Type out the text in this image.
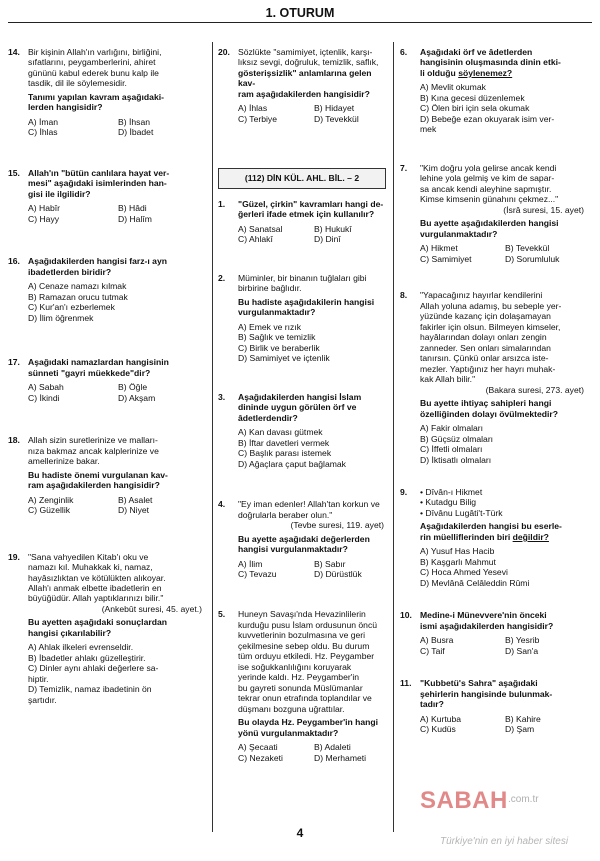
1. OTURUM
14. Bir kişinin Allah'ın varlığını, birliğini,
sıfatlarını, peygamberlerini, ahiret
gününü kabul ederek bunu kalp ile
tasdik, dil ile söylemesidir.
Tanımı yapılan kavram aşağıdaki-
lerden hangisidir?
A) İman	B) İhsan
C) İhlas	D) İbadet
15. Allah'ın "bütün canlılara hayat ver-
mesi" aşağıdaki isimlerinden han-
gisi ile ilgilidir?
A) Habîr	B) Hâdi
C) Hayy	D) Halîm
16. Aşağıdakilerden hangisi farz-ı ayn
ibadetlerden biridir?
A) Cenaze namazı kılmak
B) Ramazan orucu tutmak
C) Kur'an'ı ezberlemek
D) İlim öğrenmek
17. Aşağıdaki namazlardan hangisinin
sünneti "gayri müekkede"dir?
A) Sabah	B) Öğle
C) İkindi	D) Akşam
18. Allah sizin suretlerinize ve malları-
nıza bakmaz ancak kalplerinize ve
amellerinize bakar.
Bu hadiste önemi vurgulanan kav-
ram aşağıdakilerden hangisidir?
A) Zenginlik	B) Asalet
C) Güzellik	D) Niyet
19. "Sana vahyedilen Kitab'ı oku ve
namazı kıl. Muhakkak ki, namaz,
hayâsızlıktan ve kötülükten alıkoyar.
Allah'ı anmak elbette ibadetlerin en
büyüğüdür. Allah yaptıklarınızı bilir."
(Ankebût suresi, 45. ayet.)
Bu ayetten aşağıdaki sonuçlardan
hangisi çıkarılabilir?
A) Ahlak ilkeleri evrenseldir.
B) İbadetler ahlakı güzelleştirir.
C) Dinler aynı ahlaki değerlere sa-
hiptir.
D) Temizlik, namaz ibadetinin ön
şartıdır.
20. Sözlükte "samimiyet, içtenlik, karşı-
lıksız sevgi, doğruluk, temizlik, saflık,
gösterişsizlik" anlamlarına gelen kav-
ram aşağıdakilerden hangisidir?
A) İhlas	B) Hidayet
C) Terbiye	D) Tevekkül
(112) DİN KÜL. AHL. BİL. – 2
1. "Güzel, çirkin" kavramları hangi de-
ğerleri ifade etmek için kullanılır?
A) Sanatsal	B) Hukukî
C) Ahlakî	D) Dinî
2. Müminler, bir binanın tuğlaları gibi
birbirine bağlıdır.
Bu hadiste aşağıdakilerin hangisi
vurgulanmaktadır?
A) Emek ve rızık
B) Sağlık ve temizlik
C) Birlik ve beraberlik
D) Samimiyet ve içtenlik
3. Aşağıdakilerden hangisi İslam
dininde uygun görülen örf ve
âdetlerdendir?
A) Kan davası gütmek
B) İftar davetleri vermek
C) Başlık parası istemek
D) Ağaçlara çaput bağlamak
4. "Ey iman edenler! Allah'tan korkun ve
doğrularla beraber olun."
(Tevbe suresi, 119. ayet)
Bu ayette aşağıdaki değerlerden
hangisi vurgulanmaktadır?
A) İlim	B) Sabır
C) Tevazu	D) Dürüstlük
5. Huneyn Savaşı'nda Hevazinlilerin
kurduğu pusu İslam ordusunun öncü
kuvvetlerinin bozulmasına ve geri
çekilmesine sebep oldu. Bu durum
tüm orduyu etkiledi. Hz. Peygamber
ise soğukkanlılığını koruyarak
yerinde kaldı. Hz. Peygamber'in
bu gayreti sonunda Müslümanlar
tekrar onun etrafında toplandılar ve
düşmanı bozguna uğrattılar.
Bu olayda Hz. Peygamber'in hangi
yönü vurgulanmaktadır?
A) Şecaati	B) Adaleti
C) Nezaketi	D) Merhameti
6. Aşağıdaki örf ve âdetlerden
hangisinin oluşmasında dinin etki-
li olduğu söylenemez?
A) Mevlit okumak
B) Kına gecesi düzenlemek
C) Ölen biri için sela okumak
D) Bebeğe ezan okuyarak isim ver-
mek
7. "Kim doğru yola gelirse ancak kendi
lehine yola gelmiş ve kim de sapar-
sa ancak kendi aleyhine sapmıştır.
Kimse kimsenin günahını çekmez..."
(İsrâ suresi, 15. ayet)
Bu ayette aşağıdakilerden hangisi
vurgulanmaktadır?
A) Hikmet	B) Tevekkül
C) Samimiyet	D) Sorumluluk
8. "Yapacağınız hayırlar kendilerini
Allah yoluna adamış, bu sebeple yer-
yüzünde kazanç için dolaşamayan
fakirler için olsun. Bilmeyen kimseler,
hayâlarından dolayı onları zengin
zanneder. Sen onları simalarından
tanırsın. Çünkü onlar arsızca iste-
mezler. Yaptığınız her hayrı muhak-
kak Allah bilir."
(Bakara suresi, 273. ayet)
Bu ayette ihtiyaç sahipleri hangi
özelliğinden dolayı övülmektedir?
A) Fakir olmaları
B) Güçsüz olmaları
C) İffetli olmaları
D) İktisatlı olmaları
9. • Dîvân-ı Hikmet
• Kutadgu Bilig
• Dîvânu Lugâti't-Türk
Aşağıdakilerden hangisi bu eserle-
rin müelliflerinden biri değildir?
A) Yusuf Has Hacib
B) Kaşgarlı Mahmut
C) Hoca Ahmed Yesevi
D) Mevlânâ Celâleddin Rûmi
10. Medine-i Münevvere'nin önceki
ismi aşağıdakilerden hangisidir?
A) Busra	B) Yesrib
C) Taif	D) San'a
11. "Kubbetü's Sahra" aşağıdaki
şehirlerin hangisinde bulunmak-
tadır?
A) Kurtuba	B) Kahire
C) Kudüs	D) Şam
SABAH .com.tr
Türkiye'nin en iyi haber sitesi
4
